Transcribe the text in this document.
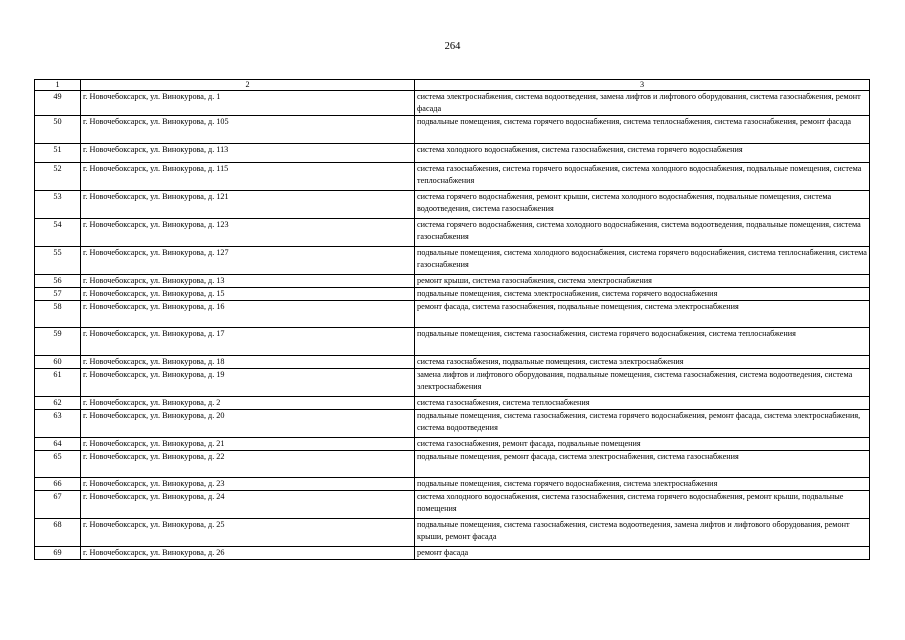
264
1	2	3
49	г. Новочебоксарск, ул. Винокурова, д. 1	система электроснабжения, система водоотведения, замена лифтов и лифтового оборудования, система газоснабжения, ремонт фасада
50	г. Новочебоксарск, ул. Винокурова, д. 105	подвальные помещения, система горячего водоснабжения, система теплоснабжения, система газоснабжения, ремонт фасада
51	г. Новочебоксарск, ул. Винокурова, д. 113	система холодного водоснабжения, система газоснабжения, система горячего водоснабжения
52	г. Новочебоксарск, ул. Винокурова, д. 115	система газоснабжения, система горячего водоснабжения, система холодного водоснабжения, подвальные помещения, система теплоснабжения
53	г. Новочебоксарск, ул. Винокурова, д. 121	система горячего водоснабжения, ремонт крыши, система холодного водоснабжения, подвальные помещения, система водоотведения, система газоснабжения
54	г. Новочебоксарск, ул. Винокурова, д. 123	система горячего водоснабжения, система холодного водоснабжения, система водоотведения, подвальные помещения, система газоснабжения
55	г. Новочебоксарск, ул. Винокурова, д. 127	подвальные помещения, система холодного водоснабжения, система горячего водоснабжения, система теплоснабжения, система газоснабжения
56	г. Новочебоксарск, ул. Винокурова, д. 13	ремонт крыши, система газоснабжения, система электроснабжения
57	г. Новочебоксарск, ул. Винокурова, д. 15	подвальные помещения, система электроснабжения, система горячего водоснабжения
58	г. Новочебоксарск, ул. Винокурова, д. 16	ремонт фасада, система газоснабжения, подвальные помещения, система электроснабжения
59	г. Новочебоксарск, ул. Винокурова, д. 17	подвальные помещения, система газоснабжения, система горячего водоснабжения, система теплоснабжения
60	г. Новочебоксарск, ул. Винокурова, д. 18	система газоснабжения, подвальные помещения, система электроснабжения
61	г. Новочебоксарск, ул. Винокурова, д. 19	замена лифтов и лифтового оборудования, подвальные помещения, система газоснабжения, система водоотведения, система электроснабжения
62	г. Новочебоксарск, ул. Винокурова, д. 2	система газоснабжения, система теплоснабжения
63	г. Новочебоксарск, ул. Винокурова, д. 20	подвальные помещения, система газоснабжения, система горячего водоснабжения, ремонт фасада, система электроснабжения, система водоотведения
64	г. Новочебоксарск, ул. Винокурова, д. 21	система газоснабжения, ремонт фасада, подвальные помещения
65	г. Новочебоксарск, ул. Винокурова, д. 22	подвальные помещения, ремонт фасада, система электроснабжения, система газоснабжения
66	г. Новочебоксарск, ул. Винокурова, д. 23	подвальные помещения, система горячего водоснабжения, система электроснабжения
67	г. Новочебоксарск, ул. Винокурова, д. 24	система холодного водоснабжения, система газоснабжения, система горячего водоснабжения, ремонт крыши, подвальные помещения
68	г. Новочебоксарск, ул. Винокурова, д. 25	подвальные помещения, система газоснабжения, система водоотведения, замена лифтов и лифтового оборудования, ремонт крыши, ремонт фасада
69	г. Новочебоксарск, ул. Винокурова, д. 26	ремонт фасада
